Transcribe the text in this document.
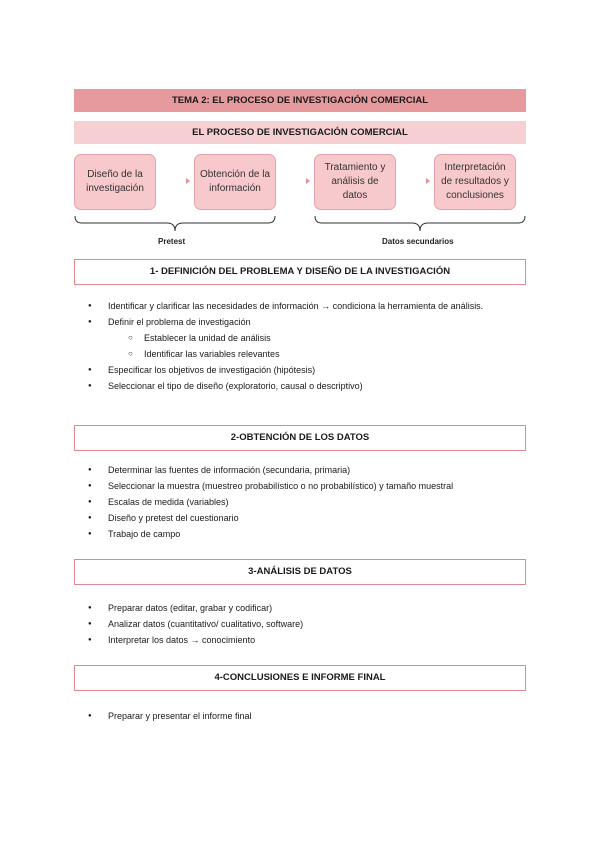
TEMA 2: EL PROCESO DE INVESTIGACIÓN COMERCIAL
EL PROCESO DE INVESTIGACIÓN COMERCIAL
Diseño de la investigación
Obtención de la información
Tratamiento y análisis de datos
Interpretación de resultados y conclusiones
Pretest	Datos secundarios
1- DEFINICIÓN DEL PROBLEMA Y DISEÑO DE LA INVESTIGACIÓN
● Identificar y clarificar las necesidades de información → condiciona la herramienta de análisis.
● Definir el problema de investigación
○ Establecer la unidad de análisis
○ Identificar las variables relevantes
● Especificar los objetivos de investigación (hipótesis)
● Seleccionar el tipo de diseño (exploratorio, causal o descriptivo)
2-OBTENCIÓN DE LOS DATOS
● Determinar las fuentes de información (secundaria, primaria)
● Seleccionar la muestra (muestreo probabilístico o no probabilístico) y tamaño muestral
● Escalas de medida (variables)
● Diseño y pretest del cuestionario
● Trabajo de campo
3-ANÁLISIS DE DATOS
● Preparar datos (editar, grabar y codificar)
● Analizar datos (cuantitativo/ cualitativo, software)
● Interpretar los datos → conocimiento
4-CONCLUSIONES E INFORME FINAL
● Preparar y presentar el informe final
